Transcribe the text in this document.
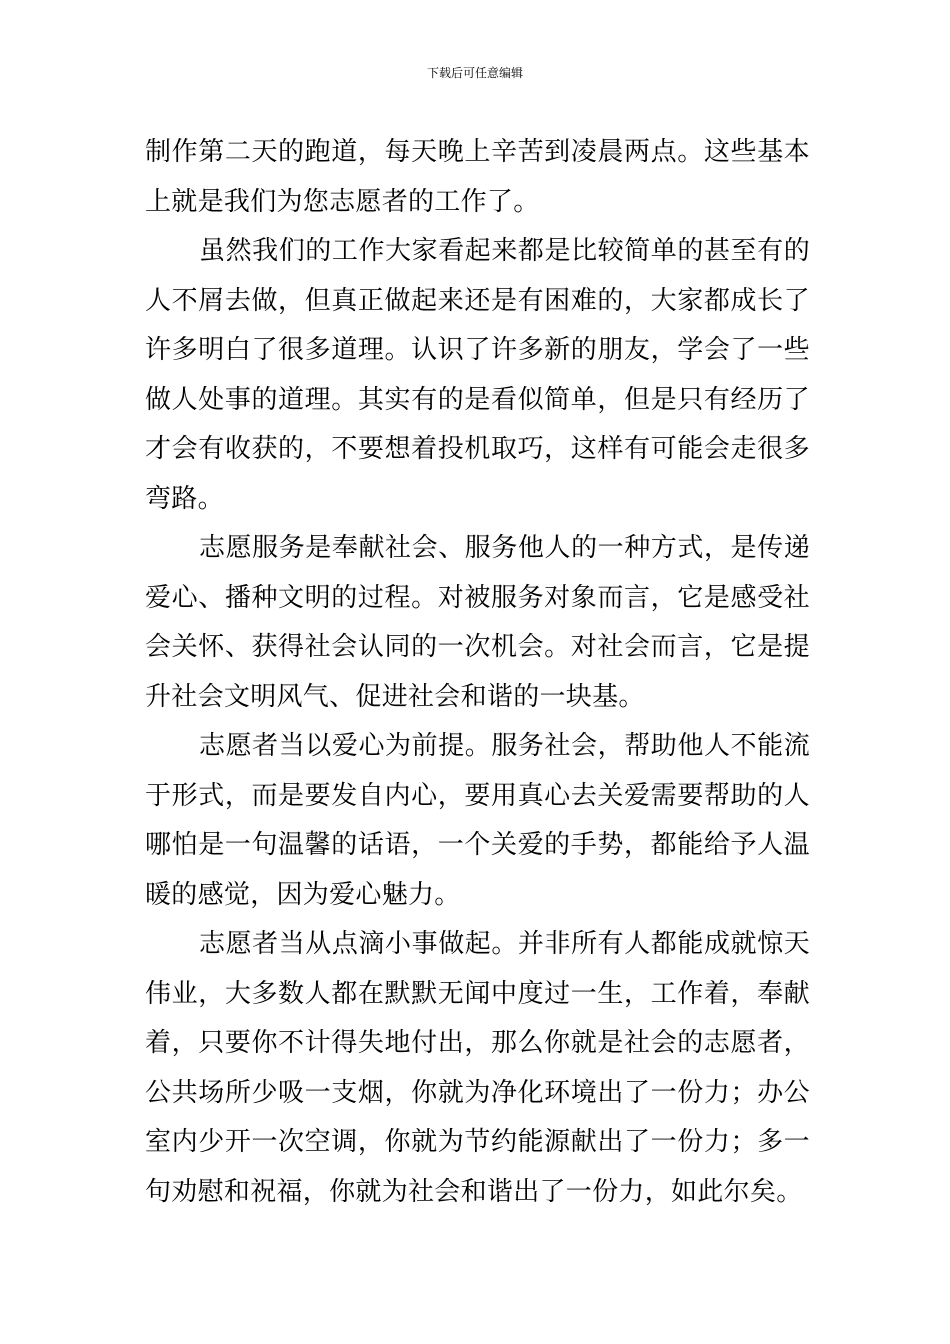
下载后可任意编辑

制作第二天的跑道，每天晚上辛苦到凌晨两点。这些基本上就是我们为您志愿者的工作了。

虽然我们的工作大家看起来都是比较简单的甚至有的人不屑去做，但真正做起来还是有困难的，大家都成长了许多明白了很多道理。认识了许多新的朋友，学会了一些做人处事的道理。其实有的是看似简单，但是只有经历了才会有收获的，不要想着投机取巧，这样有可能会走很多弯路。

志愿服务是奉献社会、服务他人的一种方式，是传递爱心、播种文明的过程。对被服务对象而言，它是感受社会关怀、获得社会认同的一次机会。对社会而言，它是提升社会文明风气、促进社会和谐的一块基。

志愿者当以爱心为前提。服务社会，帮助他人不能流于形式，而是要发自内心，要用真心去关爱需要帮助的人哪怕是一句温馨的话语，一个关爱的手势，都能给予人温暖的感觉，因为爱心魅力。

志愿者当从点滴小事做起。并非所有人都能成就惊天伟业，大多数人都在默默无闻中度过一生，工作着，奉献着，只要你不计得失地付出，那么你就是社会的志愿者，公共场所少吸一支烟，你就为净化环境出了一份力；办公室内少开一次空调，你就为节约能源献出了一份力；多一句劝慰和祝福，你就为社会和谐出了一份力，如此尔矣。
